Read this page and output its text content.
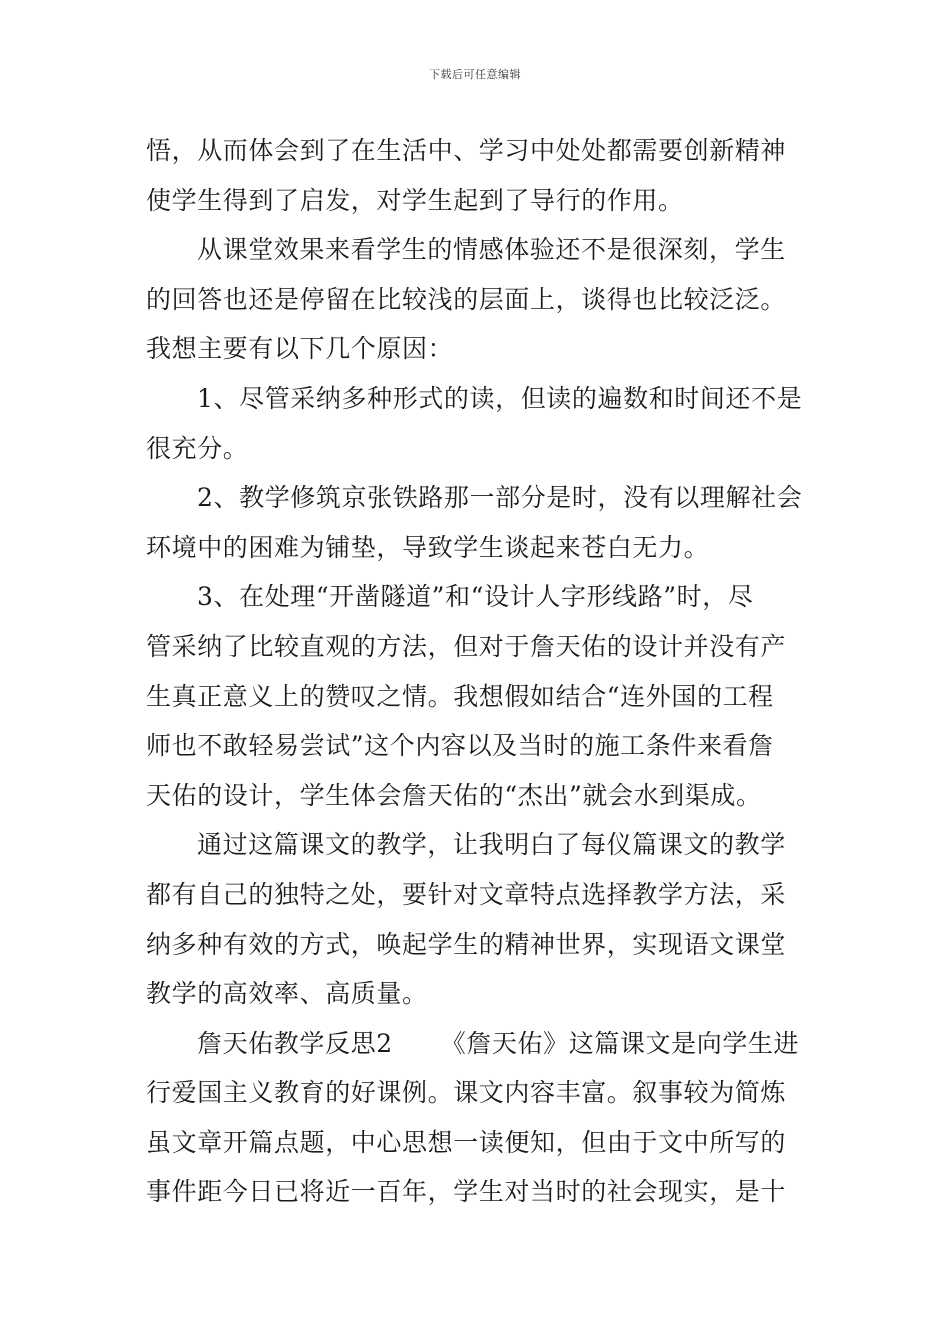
下载后可任意编辑
悟，从而体会到了在生活中、学习中处处都需要创新精神
使学生得到了启发，对学生起到了导行的作用。
从课堂效果来看学生的情感体验还不是很深刻，学生
的回答也还是停留在比较浅的层面上，谈得也比较泛泛。
我想主要有以下几个原因：
1、尽管采纳多种形式的读，但读的遍数和时间还不是
很充分。
2、教学修筑京张铁路那一部分是时，没有以理解社会
环境中的困难为铺垫，导致学生谈起来苍白无力。
3、在处理“开凿隧道”和“设计人字形线路”时，尽
管采纳了比较直观的方法，但对于詹天佑的设计并没有产
生真正意义上的赞叹之情。我想假如结合“连外国的工程
师也不敢轻易尝试”这个内容以及当时的施工条件来看詹
天佑的设计，学生体会詹天佑的“杰出”就会水到渠成。
通过这篇课文的教学，让我明白了每仪篇课文的教学
都有自己的独特之处，要针对文章特点选择教学方法，采
纳多种有效的方式，唤起学生的精神世界，实现语文课堂
教学的高效率、高质量。
詹天佑教学反思2 《詹天佑》这篇课文是向学生进
行爱国主义教育的好课例。课文内容丰富。叙事较为简炼
虽文章开篇点题，中心思想一读便知，但由于文中所写的
事件距今日已将近一百年，学生对当时的社会现实，是十
